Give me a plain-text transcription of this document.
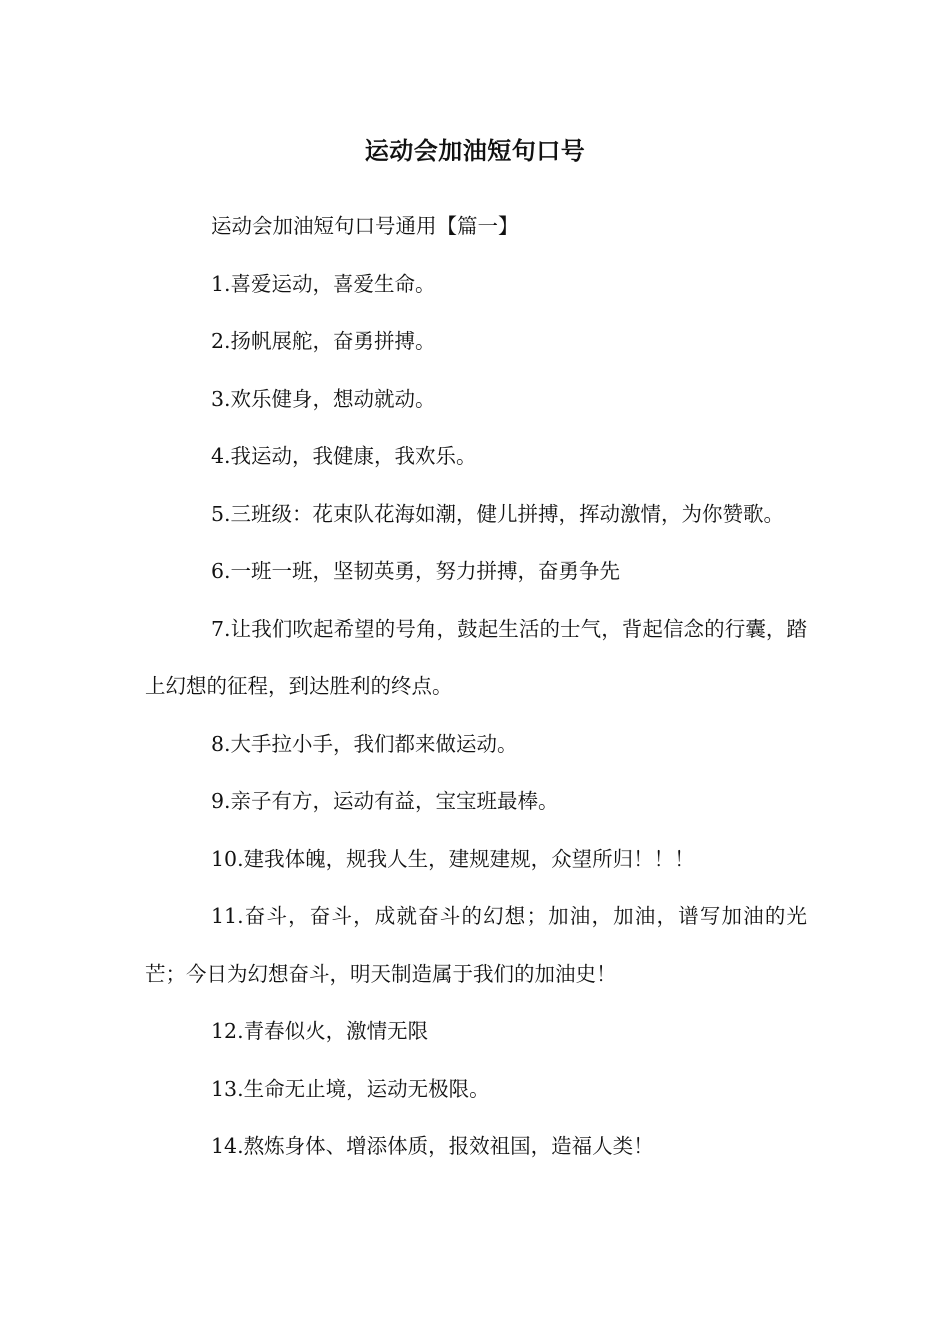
运动会加油短句口号

运动会加油短句口号通用【篇一】

1.喜爱运动，喜爱生命。

2.扬帆展舵，奋勇拼搏。

3.欢乐健身，想动就动。

4.我运动，我健康，我欢乐。

5.三班级：花束队花海如潮，健儿拼搏，挥动激情，为你赞歌。

6.一班一班，坚韧英勇，努力拼搏，奋勇争先

7.让我们吹起希望的号角，鼓起生活的士气，背起信念的行囊，踏上幻想的征程，到达胜利的终点。

8.大手拉小手，我们都来做运动。

9.亲子有方，运动有益，宝宝班最棒。

10.建我体魄，规我人生，建规建规，众望所归！！！

11.奋斗，奋斗，成就奋斗的幻想；加油，加油，谱写加油的光芒；今日为幻想奋斗，明天制造属于我们的加油史！

12.青春似火，激情无限

13.生命无止境，运动无极限。

14.熬炼身体、增添体质，报效祖国，造福人类！
